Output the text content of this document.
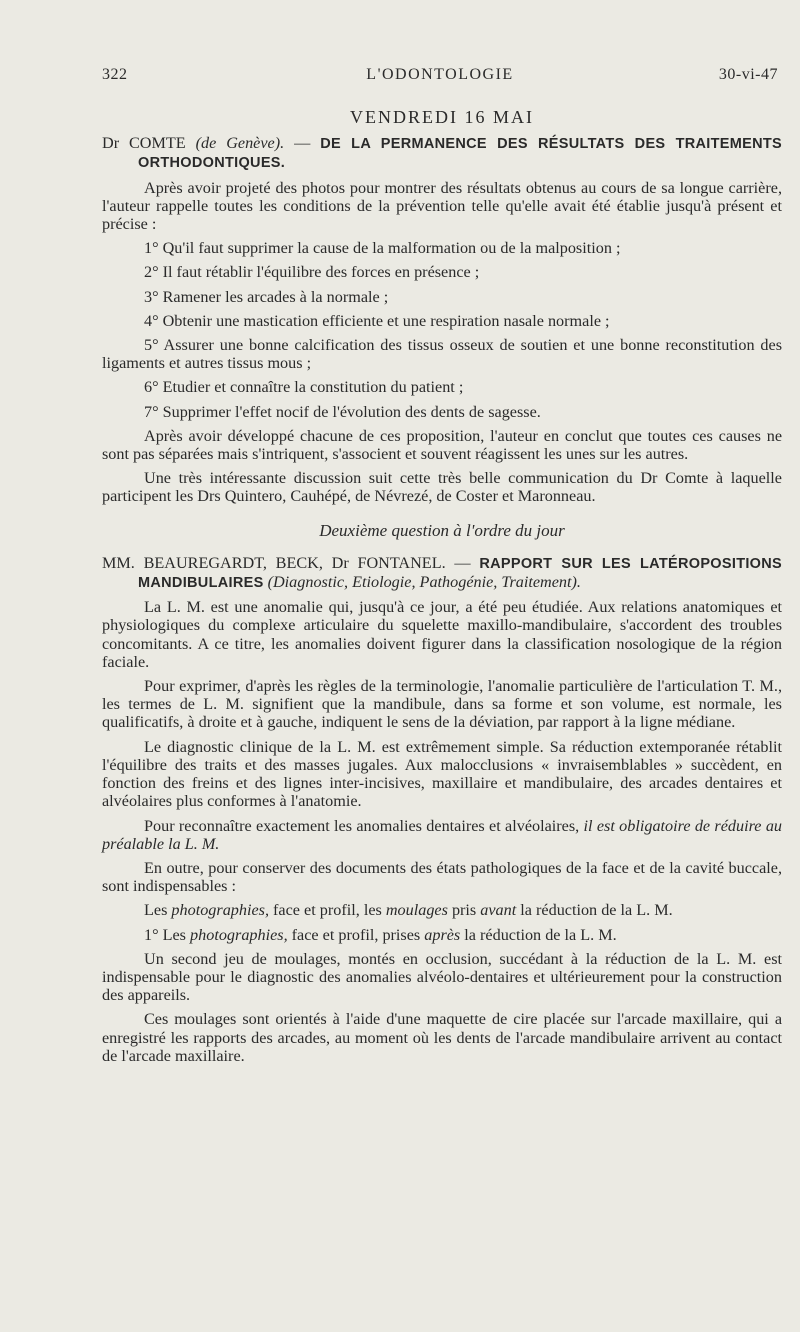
322	L'ODONTOLOGIE	30-vi-47
VENDREDI 16 MAI

Dr COMTE (de Genève). — DE LA PERMANENCE DES RÉSULTATS DES TRAITEMENTS ORTHODONTIQUES.

Après avoir projeté des photos pour montrer des résultats obtenus au cours de sa longue carrière, l'auteur rappelle toutes les conditions de la prévention telle qu'elle avait été établie jusqu'à présent et précise :

1° Qu'il faut supprimer la cause de la malformation ou de la malposition ;

2° Il faut rétablir l'équilibre des forces en présence ;

3° Ramener les arcades à la normale ;

4° Obtenir une mastication efficiente et une respiration nasale normale ;

5° Assurer une bonne calcification des tissus osseux de soutien et une bonne reconstitution des ligaments et autres tissus mous ;

6° Etudier et connaître la constitution du patient ;

7° Supprimer l'effet nocif de l'évolution des dents de sagesse.

Après avoir développé chacune de ces proposition, l'auteur en conclut que toutes ces causes ne sont pas séparées mais s'intriquent, s'associent et souvent réagissent les unes sur les autres.

Une très intéressante discussion suit cette très belle communication du Dr Comte à laquelle participent les Drs Quintero, Cauhépé, de Névrezé, de Coster et Maronneau.

Deuxième question à l'ordre du jour

MM. BEAUREGARDT, BECK, Dr FONTANEL. — RAPPORT SUR LES LATÉROPOSITIONS MANDIBULAIRES (Diagnostic, Etiologie, Pathogénie, Traitement).

La L. M. est une anomalie qui, jusqu'à ce jour, a été peu étudiée. Aux relations anatomiques et physiologiques du complexe articulaire du squelette maxillo-mandibulaire, s'accordent des troubles concomitants. A ce titre, les anomalies doivent figurer dans la classification nosologique de la région faciale.

Pour exprimer, d'après les règles de la terminologie, l'anomalie particulière de l'articulation T. M., les termes de L. M. signifient que la mandibule, dans sa forme et son volume, est normale, les qualificatifs, à droite et à gauche, indiquent le sens de la déviation, par rapport à la ligne médiane.

Le diagnostic clinique de la L. M. est extrêmement simple. Sa réduction extemporanée rétablit l'équilibre des traits et des masses jugales. Aux malocclusions « invraisemblables » succèdent, en fonction des freins et des lignes inter-incisives, maxillaire et mandibulaire, des arcades dentaires et alvéolaires plus conformes à l'anatomie.

Pour reconnaître exactement les anomalies dentaires et alvéolaires, il est obligatoire de réduire au préalable la L. M.

En outre, pour conserver des documents des états pathologiques de la face et de la cavité buccale, sont indispensables :

Les photographies, face et profil, les moulages pris avant la réduction de la L. M.

1° Les photographies, face et profil, prises après la réduction de la L. M.

Un second jeu de moulages, montés en occlusion, succédant à la réduction de la L. M. est indispensable pour le diagnostic des anomalies alvéolo-dentaires et ultérieurement pour la construction des appareils.

Ces moulages sont orientés à l'aide d'une maquette de cire placée sur l'arcade maxillaire, qui a enregistré les rapports des arcades, au moment où les dents de l'arcade mandibulaire arrivent au contact de l'arcade maxillaire.
